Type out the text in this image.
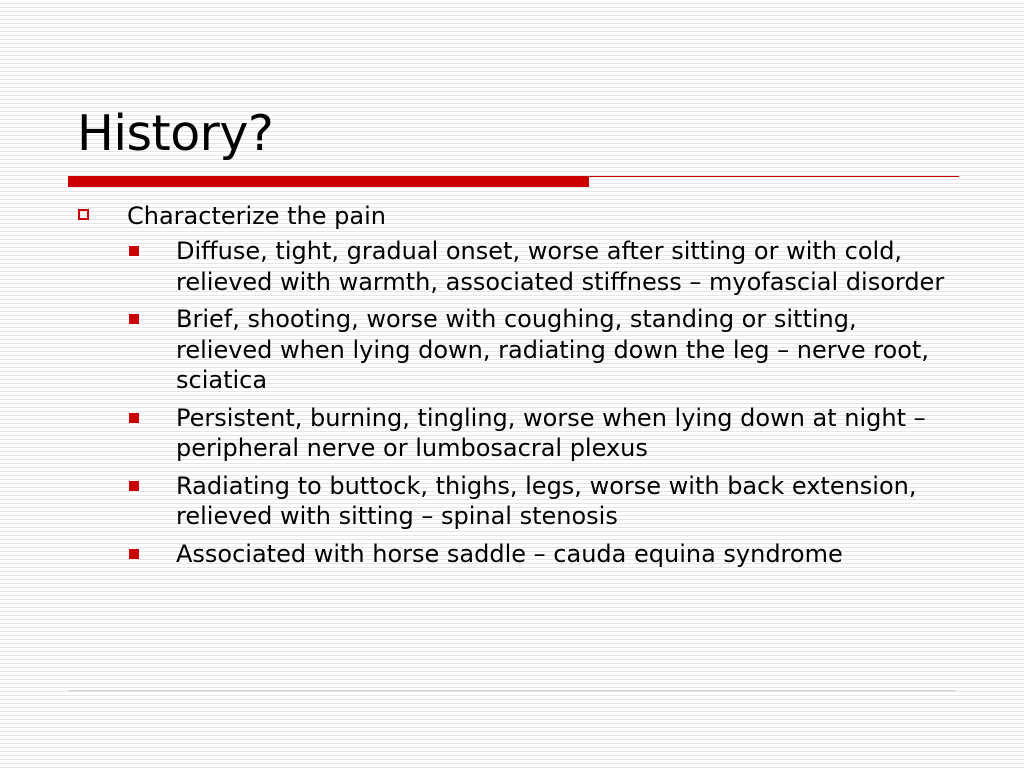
History?
Characterize the pain
Diffuse, tight, gradual onset, worse after sitting or with cold, relieved with warmth, associated stiffness – myofascial disorder
Brief, shooting, worse with coughing, standing or sitting, relieved when lying down, radiating down the leg – nerve root, sciatica
Persistent, burning, tingling, worse when lying down at night – peripheral nerve or lumbosacral plexus
Radiating to buttock, thighs, legs, worse with back extension, relieved with sitting – spinal stenosis
Associated with horse saddle – cauda equina syndrome
